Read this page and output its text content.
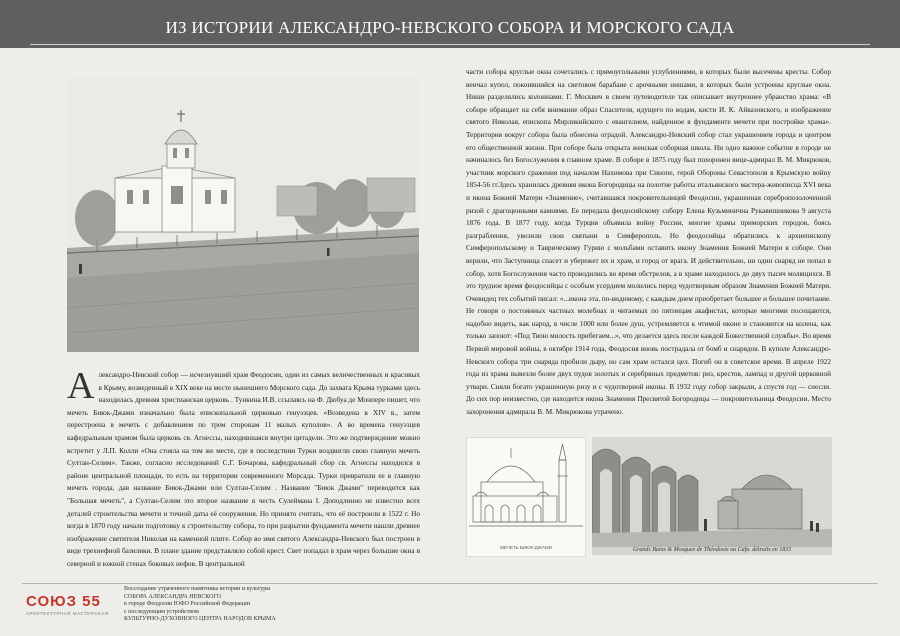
ИЗ ИСТОРИИ АЛЕКСАНДРО-НЕВСКОГО СОБОРА И МОРСКОГО САДА
А лександро-Невский собор — исчезнувший храм Феодосии, один из самых величественных и красивых в Крыму, возведенный в XIX веке на месте нынешнего Морского сада. До захвата Крыма турками здесь находилась древняя христианская церковь . Тункина И.В. ссылаясь на Ф. Дюбуа де Монпере пишет, что мечеть Биюк-Джами изначально была епископальной церковью генуэзцев. «Возведена в XIV в., затем перестроена в мечеть с добавлением по трем сторонам 11 малых куполов». А во времена генуэзцев кафедральным храмом была церковь св. Агнессы, находившаяся внутри цитадели. Это же подтверждение можно встретит у Л.П. Колли «Она стояла на том же месте, где в последствии Турки воздвигли свою главную мечеть Султан-Селим». Также, согласно исследований С.Г. Бочарова, кафедральный сбор св. Агнессы находился в районе центральной площади, то есть на территории современного Морсада. Турки превратили ее в главную мечеть города, дав название Биюк-Джами или Султан-Селим . Название "Биюк Джами" переводится как "Большая мечеть", а Султан-Селим это второе название в честь Сулеймана I. Доподлинно не известно всех деталей строительства мечети и точной даты её сооружения. Но принято считать, что её построили в 1522 г. Но когда в 1870 году начали подготовку к строительству собора, то при разрытии фундамента мечети нашли древнее изображение святителя Николая на каменной плите. Собор во имя святого Александра-Невского был построен в виде трехнефной базилики. В плане здание представляло собой крест. Свет попадал в храм через большие окна в северной и южной стенах боковых нефов. В центральной
части собора круглые окна сочетались с прямоугольными углублениями, в которых были высечены кресты. Собор венчал купол, покоившийся на световом барабане с арочными нишами, в которых были устроены круглые окна. Ниши разделялись колоннами. Г. Москвич в своем путеводителе так описывает внутреннее убранство храма: «В соборе обращает на себя внимание образ Спасителя, идущего по водам, кисти И. К. Айвазовского, и изображение святого Николая, епископа Мирликийского с евангелием, найденное в фундаменте мечети при постройке храма». Территория вокруг собора была обнесена оградой. Александро-Невский собор стал украшением города и центром его общественной жизни. При соборе была открыта женская соборная школа. Ни одно важное событие в городе не начиналось без Богослужения в главном храме. В соборе в 1875 году был похоронен вице-адмирал В. М. Микрюков, участник морского сражения под началом Нахимова при Синопе, герой Обороны Севастополя в Крымскую войну 1854-56 гг.Здесь хранилась древняя икона Богородицы на полотне работы итальянского мастера-живописца XVI века и икона Божией Матери «Знамение», считавшаяся покровительницей Феодосии, украшенная серебропозолоченной ризой с драгоценными камнями. Ее передала феодосийскому собору Елена Кузьминична Рукавишникова 9 августа 1876 года. В 1877 году, когда Турция объявила войну России, многие храмы приморских городов, боясь разграбления, увозили свои святыни в Симферополь. Но феодосийцы обратились к архиепископу Симферопольскому и Таврическому Гурию с мольбами оставить икону Знамения Божией Матери в соборе. Они верили, что Заступница спасет и убережет их и храм, и город от врага. И действительно, ни один снаряд не попал в собор, хотя Богослужения часто проводились во время обстрелов, а в храме находилось до двух тысяч молящихся. В это трудное время феодосийцы с особым усердием молились перед чудотворным образом Знамения Божией Матери. Очевидец тех событий писал: «...икона эта, по-видимому, с каждым днем приобретает большее и большее почитание. Не говоря о постоянных частных молебнах и читаемых по пятницам акафистах, которые многими посещаются, надобно видеть, как народ, в числе 1000 или более душ, устремляется к чтимой иконе и становится на колена, как только запоют: «Под Твою милость прибегаем...», что делается здесь после каждой Божественной службы». Во время Первой мировой войны, в октябре 1914 года, Феодосия вновь пострадала от бомб и снарядов. В куполе Александро-Невского собора три снаряда пробили дыру, но сам храм остался цел. Погиб он в советское время. В апреле 1922 года из храма вывезли более двух пудов золотых и серебряных предметов: риз, крестов, лампад и другой церковной утвари. Сняли богато украшенную ризу и с чудотворной иконы. В 1932 году собор закрыли, а спустя год — снесли. До сих пор неизвестно, где находится икона Знамения Пресвятой Богородицы — покровительница Феодосии. Место захоронения адмирала В. М. Микрюкова утрачено.
МЕЧЕТЬ БИЮК-ДЖАМИ	Grands Bains & Mosquee de Théodosie ou Cafa. détruits en 1833
СОЮЗ 55
АРХИТЕКТУРНАЯ МАСТЕРСКАЯ
Воссоздание утраченного памятника истории и культуры
СОБОРА АЛЕКСАНДРА НЕВСКОГО
в городе Феодосии ЮФО Российской Федерации
с последующим устройством
КУЛЬТУРНО-ДУХОВНОГО ЦЕНТРА НАРОДОВ КРЫМА
